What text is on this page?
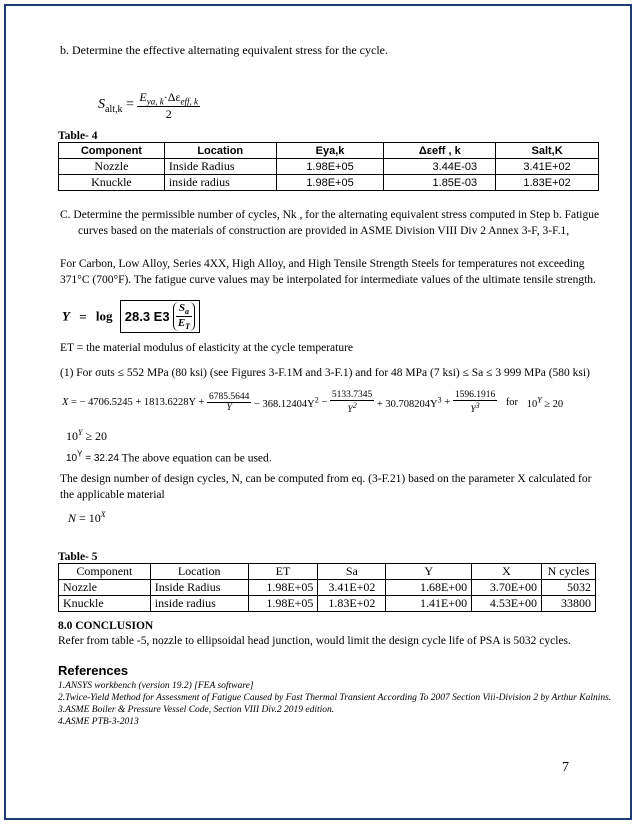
b. Determine the effective alternating equivalent stress for the cycle.
$S_{alt,k} = \frac{E_{ya, k}\cdot\Delta\varepsilon_{eff, k}}{2}$
Table- 4
Component	Location	Eya,k	Δεeff , k	Salt,K
Nozzle	Inside Radius	1.98E+05	3.44E-03	3.41E+02
Knuckle	inside radius	1.98E+05	1.85E-03	1.83E+02
C. Determine the permissible number of cycles, Nk , for the alternating equivalent stress computed in Step b. Fatigue
curves based on the materials of construction are provided in ASME Division VIII Div 2 Annex 3-F, 3-F.1,
For Carbon, Low Alloy, Series 4XX, High Alloy, and High Tensile Strength Steels for temperatures not exceeding
371°C (700°F). The fatigue curve values may be interpolated for intermediate values of the ultimate tensile strength.
Y = log 28.3 $E3 \frac{S_a}{E_T}$
ET = the material modulus of elasticity at the cycle temperature
(1) For σuts ≤ 552 MPa (80 ksi) (see Figures 3-F.1M and 3-F.1) and for 48 MPa (7 ksi) ≤ Sa ≤ 3 999 MPa (580 ksi)
X = − $4706.5245 + 1813.6228Y + \frac{6785.5644}{Y} - 368.12404Y^2 - \frac{5133.7345}{Y^2} + 30.708204Y^3 + \frac{1596.1916}{Y^3}$ for $10^Y \ge 20$
$10^Y \ge 20$
$10^Y = 32.24$ The above equation can be used.
The design number of design cycles, N, can be computed from eq. (3-F.21) based on the parameter X calculated for
the applicable material
$N = 10^X$
Table- 5
Component	Location	ET	Sa	Y	X	N cycles
Nozzle	Inside Radius	1.98E+05	3.41E+02	1.68E+00	3.70E+00	5032
Knuckle	inside radius	1.98E+05	1.83E+02	1.41E+00	4.53E+00	33800
8.0 CONCLUSION
Refer from table -5, nozzle to ellipsoidal head junction, would limit the design cycle life of PSA is 5032 cycles.
References
1.ANSYS workbench (version 19.2) [FEA software]
2.Twice-Yield Method for Assessment of Fatigue Caused by Fast Thermal Transient According To 2007 Section Viii-Division 2 by Arthur Kalnins.
3.ASME Boiler & Pressure Vessel Code, Section VIII Div.2 2019 edition.
4.ASME PTB-3-2013
7
